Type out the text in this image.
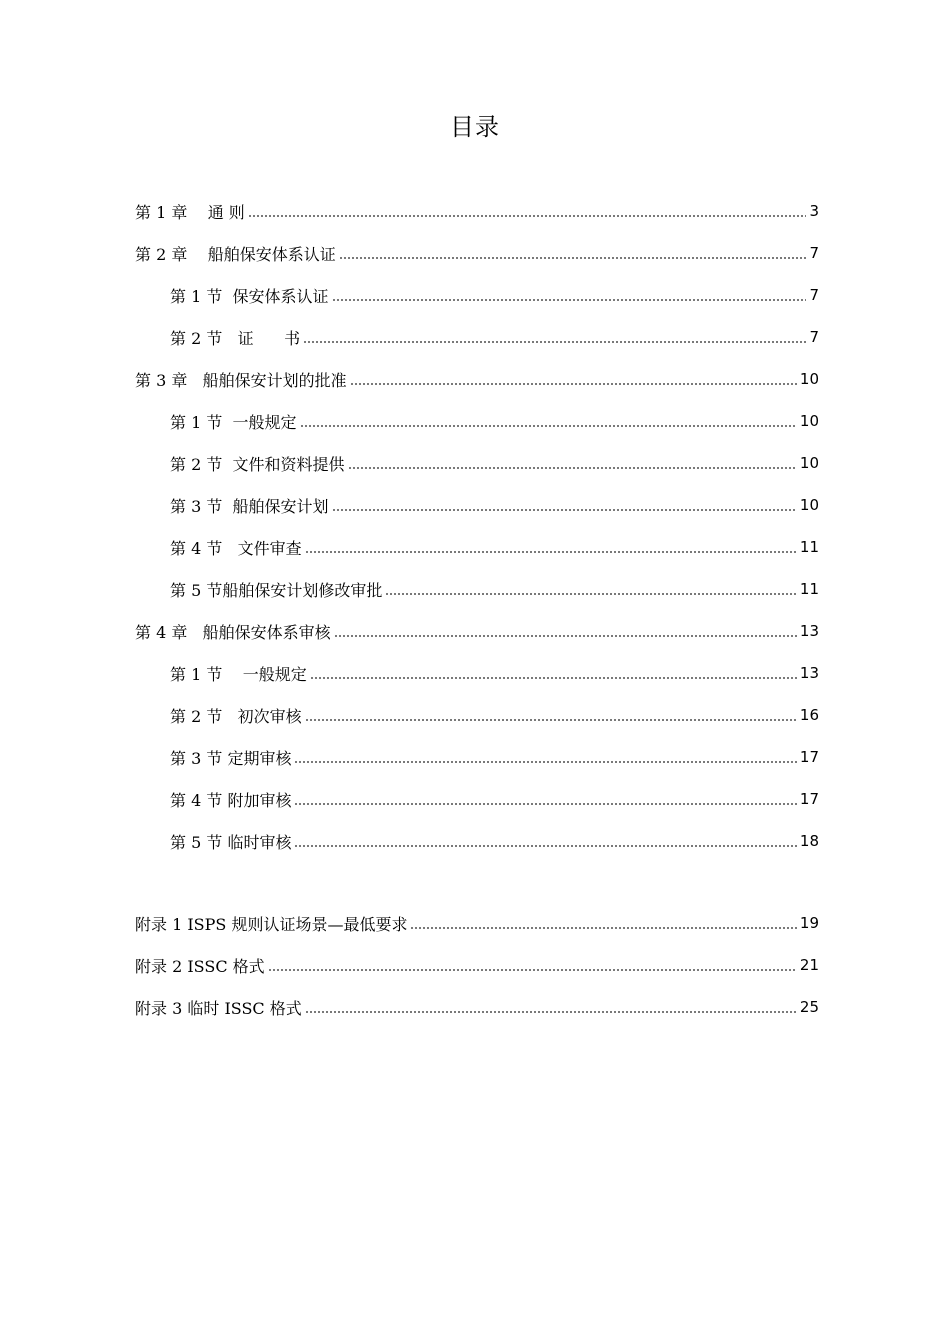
目录
第 1 章    通 则	3
第 2 章    船舶保安体系认证	7
第 1 节  保安体系认证	7
第 2 节   证      书	7
第 3 章   船舶保安计划的批准	10
第 1 节  一般规定	10
第 2 节  文件和资料提供	10
第 3 节  船舶保安计划	10
第 4 节   文件审查	11
第 5 节船舶保安计划修改审批	11
第 4 章   船舶保安体系审核	13
第 1 节    一般规定	13
第 2 节   初次审核	16
第 3 节 定期审核	17
第 4 节 附加审核	17
第 5 节 临时审核	18
附录 1 ISPS 规则认证场景—最低要求	19
附录 2 ISSC 格式	21
附录 3 临时 ISSC 格式	25
